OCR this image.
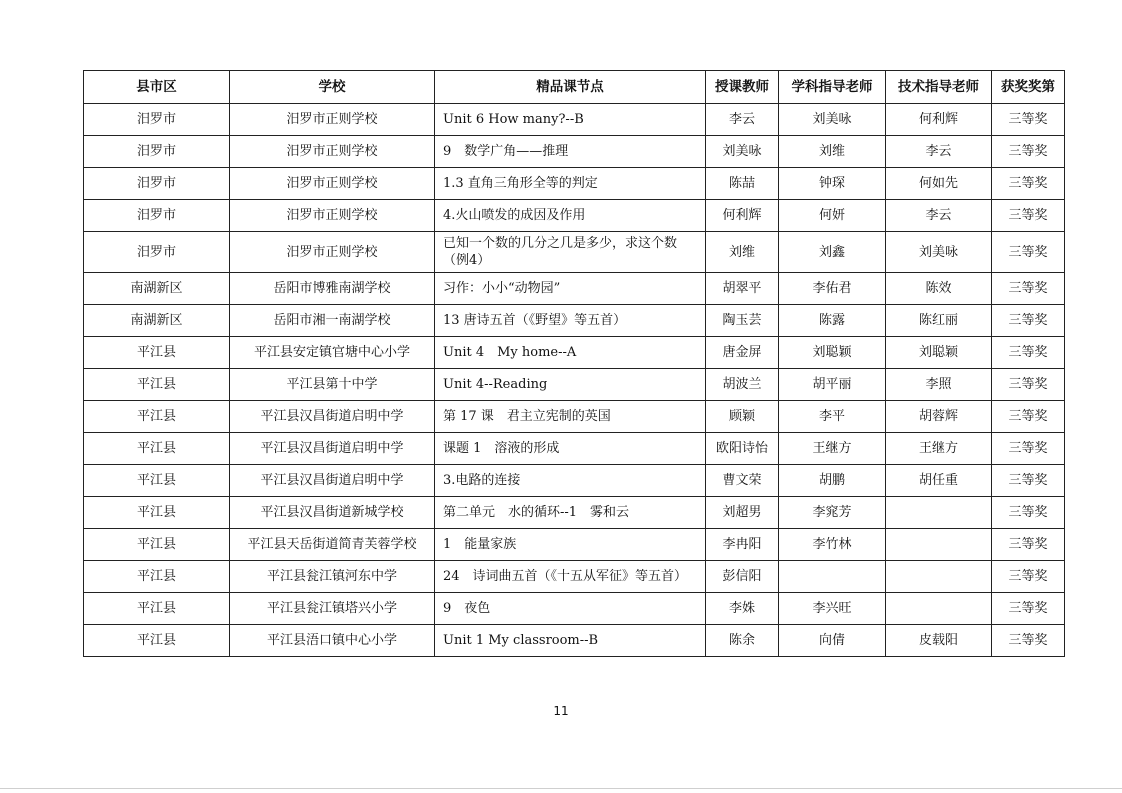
县市区	学校	精品课节点	授课教师	学科指导老师	技术指导老师	获奖奖第
汨罗市	汨罗市正则学校	Unit 6 How many?--B	李云	刘美咏	何利辉	三等奖
汨罗市	汨罗市正则学校	9　数学广角——推理	刘美咏	刘维	李云	三等奖
汨罗市	汨罗市正则学校	1.3 直角三角形全等的判定	陈喆	钟琛	何如先	三等奖
汨罗市	汨罗市正则学校	4.火山喷发的成因及作用	何利辉	何妍	李云	三等奖
汨罗市	汨罗市正则学校	已知一个数的几分之几是多少，求这个数（例4）	刘维	刘鑫	刘美咏	三等奖
南湖新区	岳阳市博雅南湖学校	习作：小小“动物园”	胡翠平	李佑君	陈效	三等奖
南湖新区	岳阳市湘一南湖学校	13 唐诗五首（《野望》等五首）	陶玉芸	陈露	陈红丽	三等奖
平江县	平江县安定镇官塘中心小学	Unit 4　My home--A	唐金屏	刘聪颖	刘聪颖	三等奖
平江县	平江县第十中学	Unit 4--Reading	胡波兰	胡平丽	李照	三等奖
平江县	平江县汉昌街道启明中学	第 17 课　君主立宪制的英国	顾颖	李平	胡蓉辉	三等奖
平江县	平江县汉昌街道启明中学	课题 1　溶液的形成	欧阳诗怡	王继方	王继方	三等奖
平江县	平江县汉昌街道启明中学	3.电路的连接	曹文荣	胡鹏	胡任重	三等奖
平江县	平江县汉昌街道新城学校	第二单元　水的循环--1　雾和云	刘超男	李窕芳		三等奖
平江县	平江县天岳街道简青芙蓉学校	1　能量家族	李冉阳	李竹林		三等奖
平江县	平江县瓮江镇河东中学	24　诗词曲五首（《十五从军征》等五首）	彭信阳			三等奖
平江县	平江县瓮江镇塔兴小学	9　夜色	李姝	李兴旺		三等奖
平江县	平江县浯口镇中心小学	Unit 1 My classroom--B	陈余	向倩	皮载阳	三等奖
11
